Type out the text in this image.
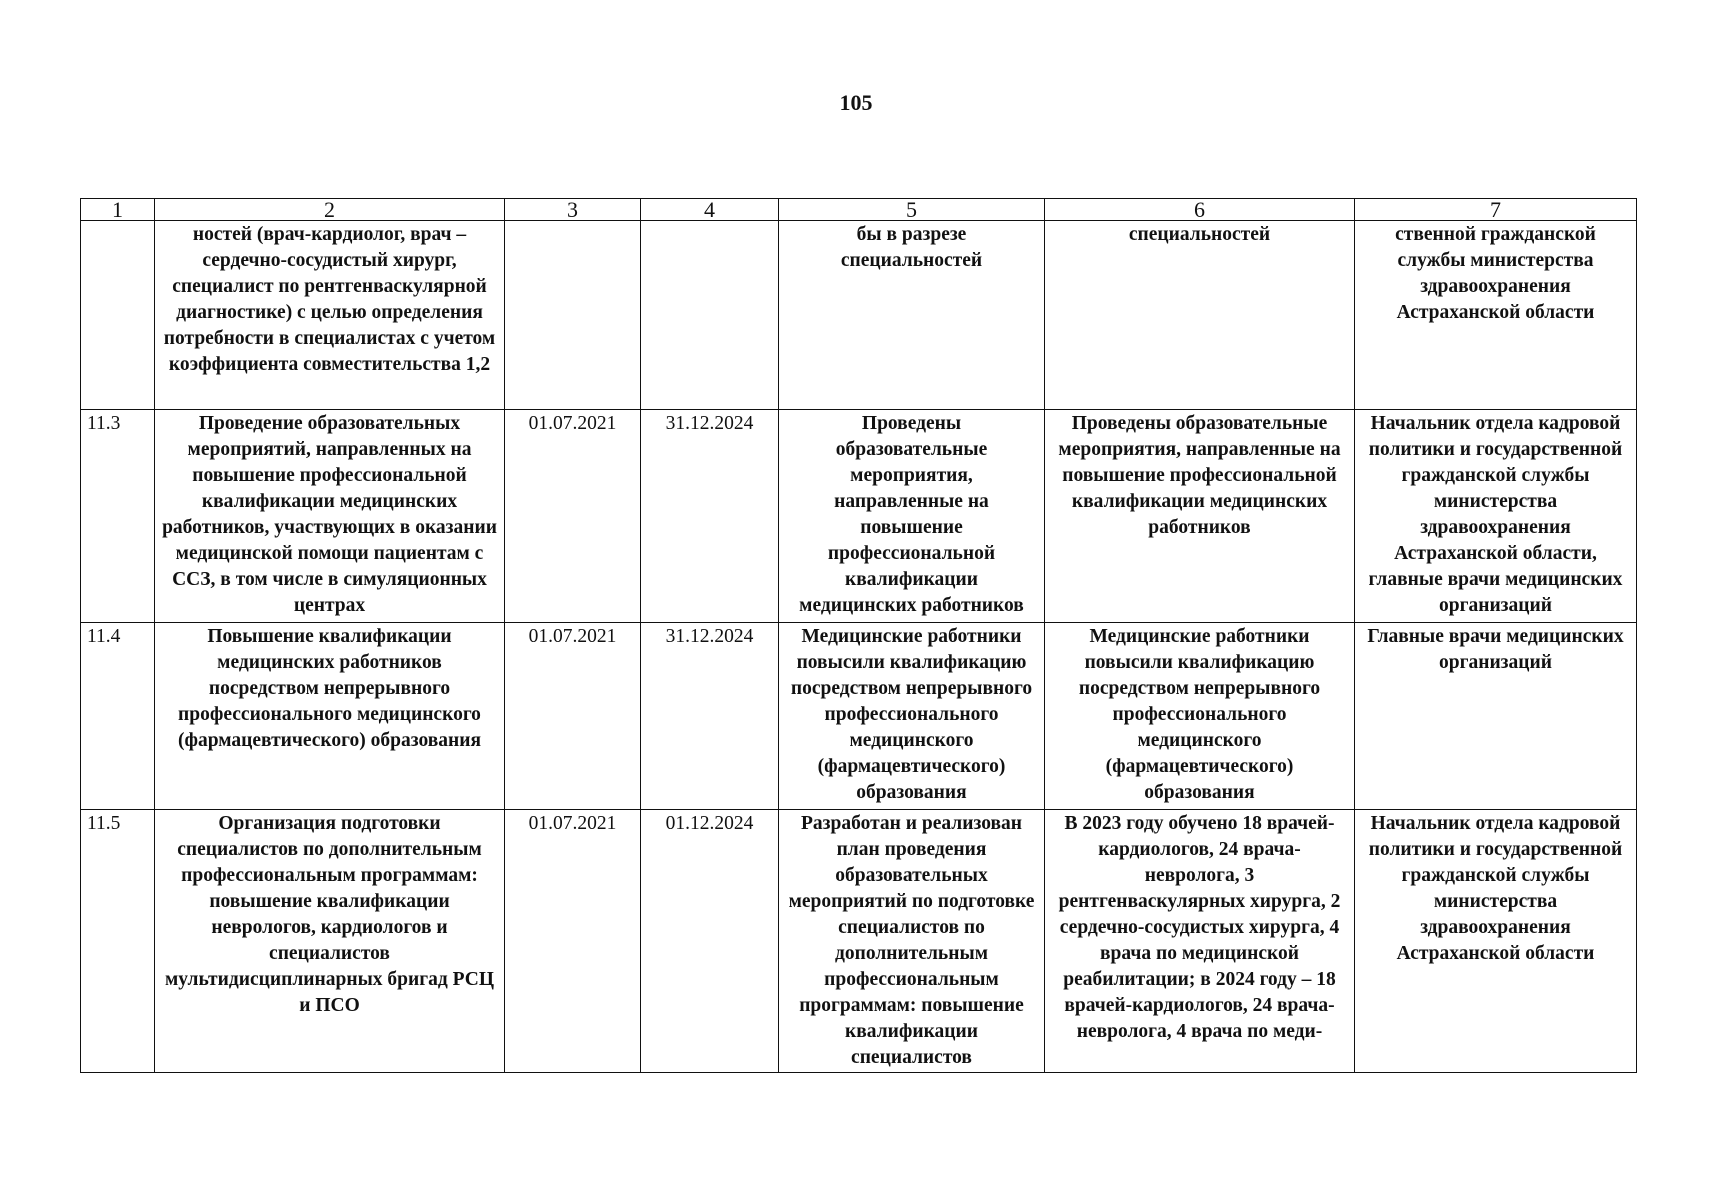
105
1	2	3	4	5	6	7
	ностей (врач-кардиолог, врач – сердечно-сосудистый хирург, специалист по рентгенваскулярной диагностике) с целью определения потребности в специалистах с учетом коэффициента совместительства 1,2			бы в разрезе специальностей	специальностей	ственной гражданской службы министерства здравоохранения Астраханской области
11.3	Проведение образовательных мероприятий, направленных на повышение профессиональной квалификации медицинских работников, участвующих в оказании медицинской помощи пациентам с ССЗ, в том числе в симуляционных центрах	01.07.2021	31.12.2024	Проведены образовательные мероприятия, направленные на повышение профессиональной квалификации медицинских работников	Проведены образовательные мероприятия, направленные на повышение профессиональной квалификации медицинских работников	Начальник отдела кадровой политики и государственной гражданской службы министерства здравоохранения Астраханской области, главные врачи медицинских организаций
11.4	Повышение квалификации медицинских работников посредством непрерывного профессионального медицинского (фармацевтического) образования	01.07.2021	31.12.2024	Медицинские работники повысили квалификацию посредством непрерывного профессионального медицинского (фармацевтического) образования	Медицинские работники повысили квалификацию посредством непрерывного профессионального медицинского (фармацевтического) образования	Главные врачи медицинских организаций
11.5	Организация подготовки специалистов по дополнительным профессиональным программам: повышение квалификации неврологов, кардиологов и специалистов мультидисциплинарных бригад РСЦ и ПСО	01.07.2021	01.12.2024	Разработан и реализован план проведения образовательных мероприятий по подготовке специалистов по дополнительным профессиональным программам: повышение квалификации специалистов	В 2023 году обучено 18 врачей-кардиологов, 24 врача-невролога, 3 рентгенваскулярных хирурга, 2 сердечно-сосудистых хирурга, 4 врача по медицинской реабилитации; в 2024 году – 18 врачей-кардиологов, 24 врача-невролога, 4 врача по меди-	Начальник отдела кадровой политики и государственной гражданской службы министерства здравоохранения Астраханской области
